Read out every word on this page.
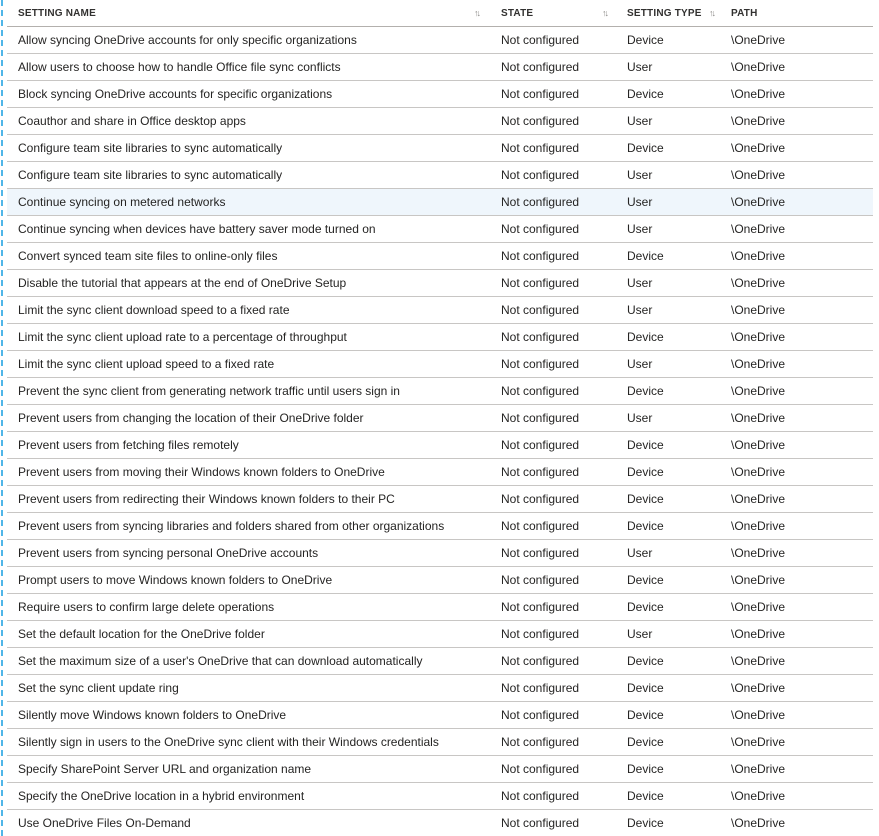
SETTING NAME	↑↓ STATE	↑↓ SETTING TYPE ↑↓ PATH
Allow syncing OneDrive accounts for only specific organizations	Not configured	Device	\OneDrive
Allow users to choose how to handle Office file sync conflicts	Not configured	User	\OneDrive
Block syncing OneDrive accounts for specific organizations	Not configured	Device	\OneDrive
Coauthor and share in Office desktop apps	Not configured	User	\OneDrive
Configure team site libraries to sync automatically	Not configured	Device	\OneDrive
Configure team site libraries to sync automatically	Not configured	User	\OneDrive
Continue syncing on metered networks	Not configured	User	\OneDrive
Continue syncing when devices have battery saver mode turned on	Not configured	User	\OneDrive
Convert synced team site files to online-only files	Not configured	Device	\OneDrive
Disable the tutorial that appears at the end of OneDrive Setup	Not configured	User	\OneDrive
Limit the sync client download speed to a fixed rate	Not configured	User	\OneDrive
Limit the sync client upload rate to a percentage of throughput	Not configured	Device	\OneDrive
Limit the sync client upload speed to a fixed rate	Not configured	User	\OneDrive
Prevent the sync client from generating network traffic until users sign in	Not configured	Device	\OneDrive
Prevent users from changing the location of their OneDrive folder	Not configured	User	\OneDrive
Prevent users from fetching files remotely	Not configured	Device	\OneDrive
Prevent users from moving their Windows known folders to OneDrive	Not configured	Device	\OneDrive
Prevent users from redirecting their Windows known folders to their PC	Not configured	Device	\OneDrive
Prevent users from syncing libraries and folders shared from other organizations	Not configured	Device	\OneDrive
Prevent users from syncing personal OneDrive accounts	Not configured	User	\OneDrive
Prompt users to move Windows known folders to OneDrive	Not configured	Device	\OneDrive
Require users to confirm large delete operations	Not configured	Device	\OneDrive
Set the default location for the OneDrive folder	Not configured	User	\OneDrive
Set the maximum size of a user's OneDrive that can download automatically	Not configured	Device	\OneDrive
Set the sync client update ring	Not configured	Device	\OneDrive
Silently move Windows known folders to OneDrive	Not configured	Device	\OneDrive
Silently sign in users to the OneDrive sync client with their Windows credentials	Not configured	Device	\OneDrive
Specify SharePoint Server URL and organization name	Not configured	Device	\OneDrive
Specify the OneDrive location in a hybrid environment	Not configured	Device	\OneDrive
Use OneDrive Files On-Demand	Not configured	Device	\OneDrive
